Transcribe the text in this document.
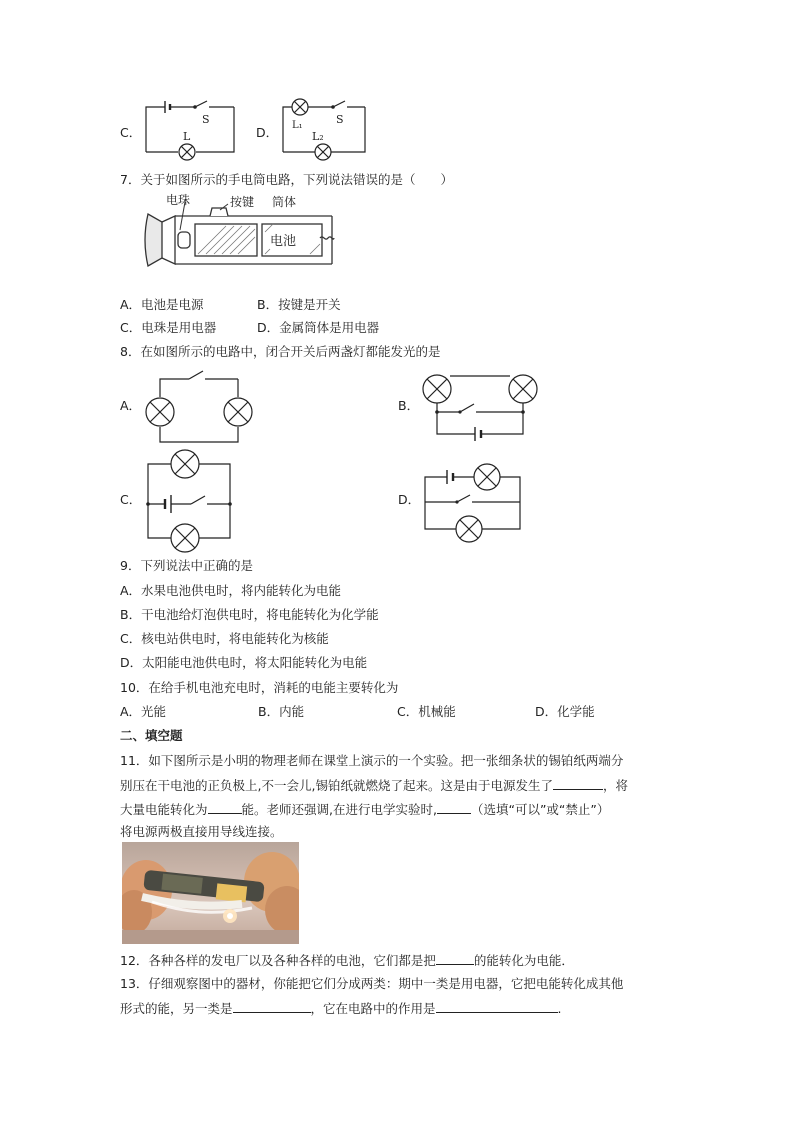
C．
S
L	D． L₁	S
L₂
7．关于如图所示的手电筒电路，下列说法错误的是（　　）
电珠	按键 筒体
电池
A．电池是电源	B．按键是开关
C．电珠是用电器	D．金属筒体是用电器
8．在如图所示的电路中，闭合开关后两盏灯都能发光的是
A．	B．
C．	D．
9．下列说法中正确的是
A．水果电池供电时，将内能转化为电能
B．干电池给灯泡供电时，将电能转化为化学能
C．核电站供电时，将电能转化为核能
D．太阳能电池供电时，将太阳能转化为电能
10．在给手机电池充电时，消耗的电能主要转化为
A．光能	B．内能	C．机械能	D．化学能
二、填空题
11．如下图所示是小明的物理老师在课堂上演示的一个实验。把一张细条状的锡铂纸两端分
别压在干电池的正负极上,不一会儿,锡铂纸就燃烧了起来。这是由于电源发生了	，将
大量电能转化为	能。老师还强调,在进行电学实验时,	（选填“可以”或“禁止”）
将电源两极直接用导线连接。
12．各种各样的发电厂以及各种各样的电池，它们都是把	的能转化为电能．
13．仔细观察图中的器材，你能把它们分成两类：期中一类是用电器，它把电能转化成其他
形式的能，另一类是	，它在电路中的作用是	.
